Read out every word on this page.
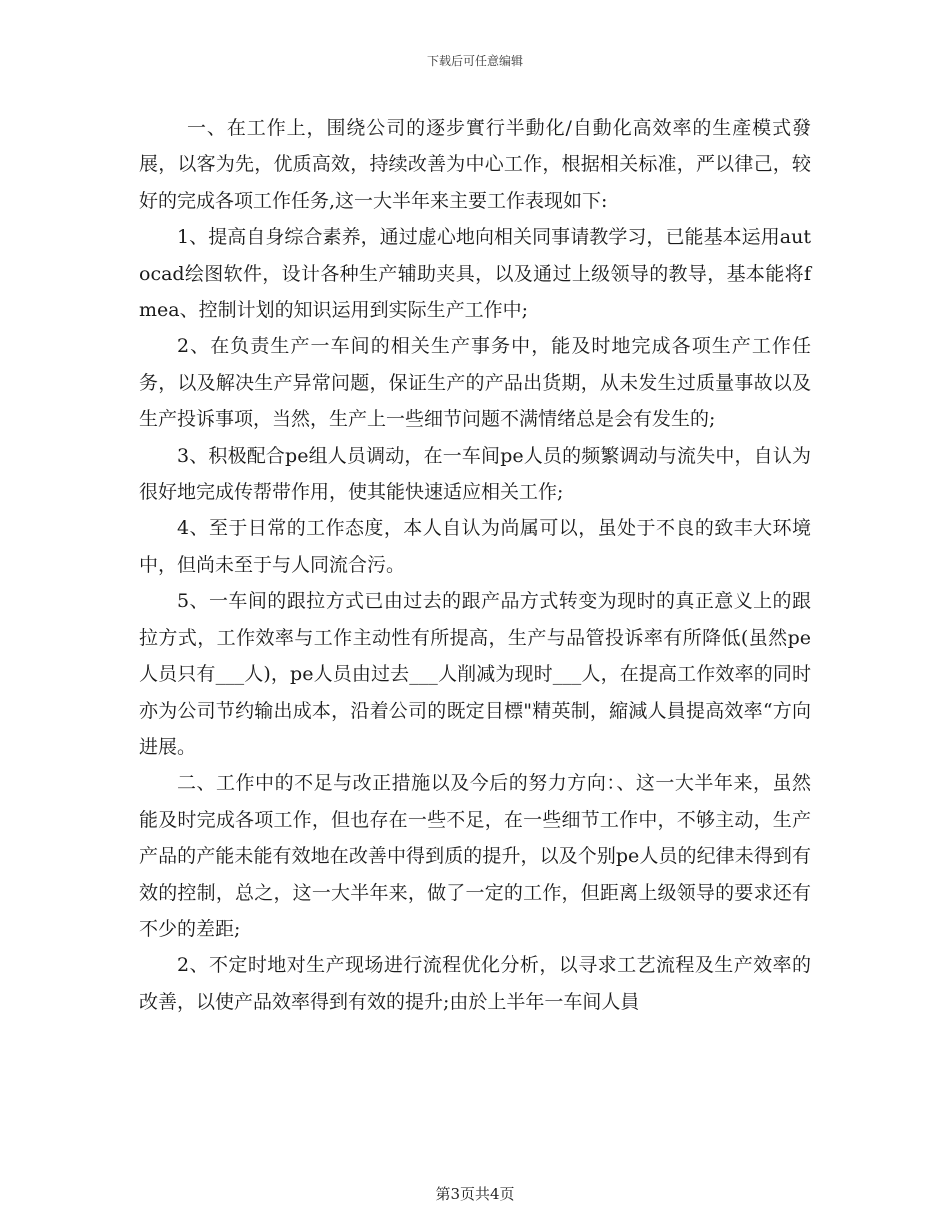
下载后可任意编辑

一、在工作上，围绕公司的逐步實行半動化/自動化高效率的生產模式發展，以客为先，优质高效，持续改善为中心工作，根据相关标准，严以律己，较好的完成各项工作任务,这一大半年来主要工作表现如下:

1、提高自身综合素养，通过虚心地向相关同事请教学习，已能基本运用autocad绘图软件，设计各种生产辅助夹具，以及通过上级领导的教导，基本能将fmea、控制计划的知识运用到实际生产工作中;

2、在负责生产一车间的相关生产事务中，能及时地完成各项生产工作任务，以及解决生产异常问题，保证生产的产品出货期，从未发生过质量事故以及生产投诉事项，当然，生产上一些细节问题不满情绪总是会有发生的;

3、积极配合pe组人员调动，在一车间pe人员的频繁调动与流失中，自认为很好地完成传帮带作用，使其能快速适应相关工作;

4、至于日常的工作态度，本人自认为尚属可以，虽处于不良的致丰大环境中，但尚未至于与人同流合污。

5、一车间的跟拉方式已由过去的跟产品方式转变为现时的真正意义上的跟拉方式，工作效率与工作主动性有所提高，生产与品管投诉率有所降低(虽然pe人员只有___人)，pe人员由过去___人削减为现时___人，在提高工作效率的同时亦为公司节约输出成本，沿着公司的既定目標"精英制，縮減人員提高效率“方向进展。

二、工作中的不足与改正措施以及今后的努力方向：、这一大半年来，虽然能及时完成各项工作，但也存在一些不足，在一些细节工作中，不够主动，生产产品的产能未能有效地在改善中得到质的提升，以及个别pe人员的纪律未得到有效的控制，总之，这一大半年来，做了一定的工作，但距离上级领导的要求还有不少的差距;

2、不定时地对生产现场进行流程优化分析，以寻求工艺流程及生产效率的改善，以使产品效率得到有效的提升;由於上半年一车间人員

第3页共4页
